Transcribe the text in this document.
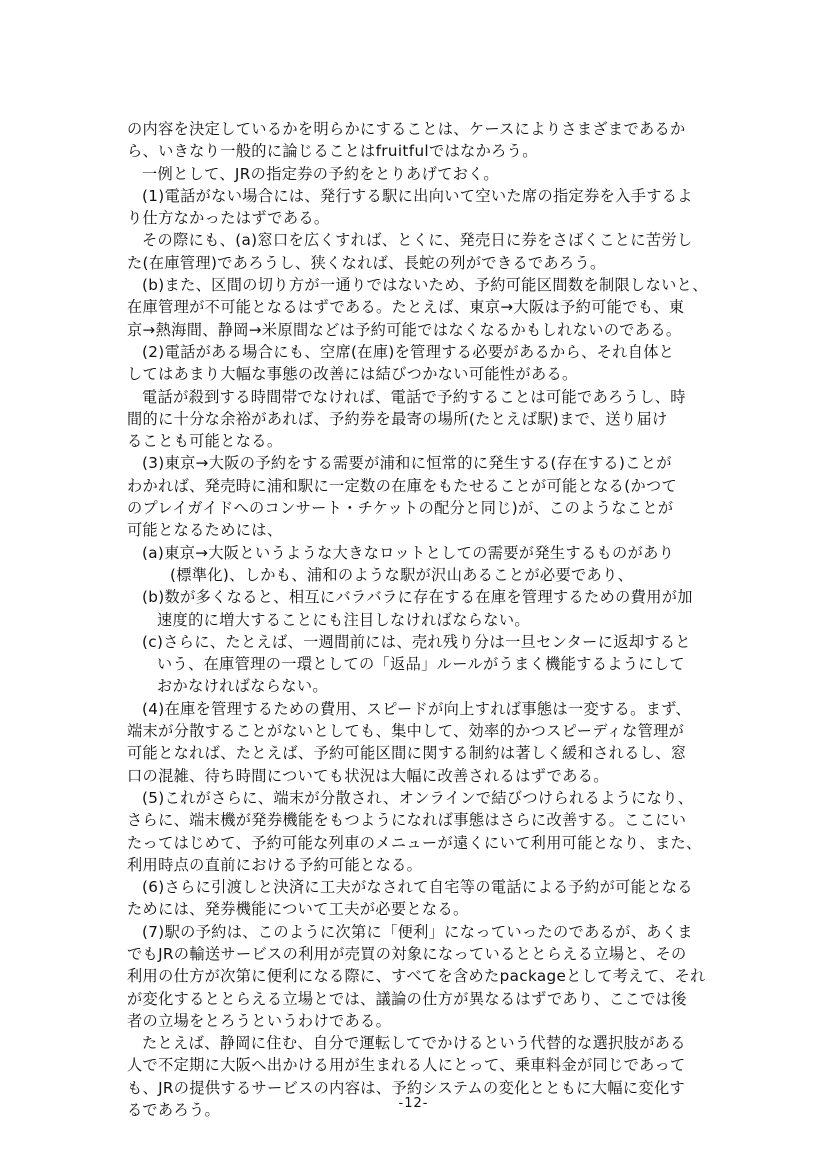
の内容を決定しているかを明らかにすることは、ケースによりさまざまであるか
ら、いきなり一般的に論じることはfruitfulではなかろう。
一例として、JRの指定券の予約をとりあげておく。
(1)電話がない場合には、発行する駅に出向いて空いた席の指定券を入手するよ
り仕方なかったはずである。
その際にも、(a)窓口を広くすれば、とくに、発売日に券をさばくことに苦労し
た(在庫管理)であろうし、狭くなれば、長蛇の列ができるであろう。
(b)また、区間の切り方が一通りではないため、予約可能区間数を制限しないと、
在庫管理が不可能となるはずである。たとえば、東京→大阪は予約可能でも、東
京→熱海間、静岡→米原間などは予約可能ではなくなるかもしれないのである。
(2)電話がある場合にも、空席(在庫)を管理する必要があるから、それ自体と
してはあまり大幅な事態の改善には結びつかない可能性がある。
電話が殺到する時間帯でなければ、電話で予約することは可能であろうし、時
間的に十分な余裕があれば、予約券を最寄の場所(たとえば駅)まで、送り届け
ることも可能となる。
(3)東京→大阪の予約をする需要が浦和に恒常的に発生する(存在する)ことが
わかれば、発売時に浦和駅に一定数の在庫をもたせることが可能となる(かつて
のプレイガイドへのコンサート・チケットの配分と同じ)が、このようなことが
可能となるためには、
(a)東京→大阪というような大きなロットとしての需要が発生するものがあり
(標準化)、しかも、浦和のような駅が沢山あることが必要であり、
(b)数が多くなると、相互にバラバラに存在する在庫を管理するための費用が加
速度的に増大することにも注目しなければならない。
(c)さらに、たとえば、一週間前には、売れ残り分は一旦センターに返却すると
いう、在庫管理の一環としての「返品」ルールがうまく機能するようにして
おかなければならない。
(4)在庫を管理するための費用、スピードが向上すれば事態は一変する。まず、
端末が分散することがないとしても、集中して、効率的かつスピーディな管理が
可能となれば、たとえば、予約可能区間に関する制約は著しく緩和されるし、窓
口の混雑、待ち時間についても状況は大幅に改善されるはずである。
(5)これがさらに、端末が分散され、オンラインで結びつけられるようになり、
さらに、端末機が発券機能をもつようになれば事態はさらに改善する。ここにい
たってはじめて、予約可能な列車のメニューが遠くにいて利用可能となり、また、
利用時点の直前における予約可能となる。
(6)さらに引渡しと決済に工夫がなされて自宅等の電話による予約が可能となる
ためには、発券機能について工夫が必要となる。
(7)駅の予約は、このように次第に「便利」になっていったのであるが、あくま
でもJRの輸送サービスの利用が売買の対象になっているととらえる立場と、その
利用の仕方が次第に便利になる際に、すべてを含めたpackageとして考えて、それ
が変化するととらえる立場とでは、議論の仕方が異なるはずであり、ここでは後
者の立場をとろうというわけである。
たとえば、静岡に住む、自分で運転してでかけるという代替的な選択肢がある
人で不定期に大阪へ出かける用が生まれる人にとって、乗車料金が同じであって
も、JRの提供するサービスの内容は、予約システムの変化とともに大幅に変化す
るであろう。	-12-
